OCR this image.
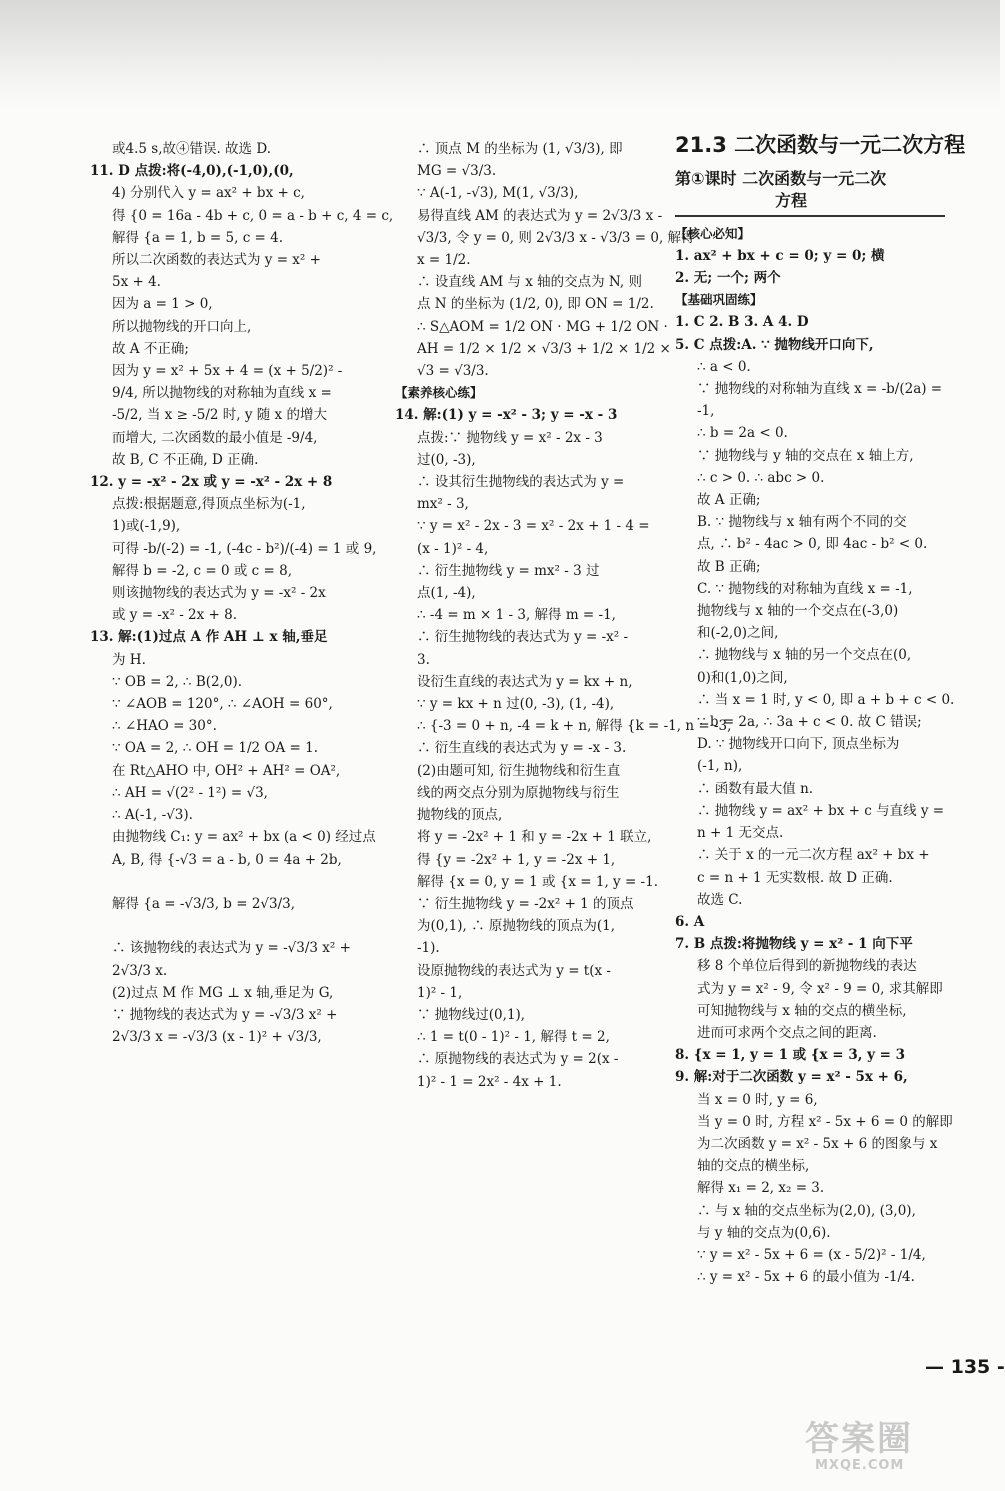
或4.5 s,故④错误. 故选 D.
11. D 点拨:将(-4,0),(-1,0),(0,
4) 分别代入 y = ax² + bx + c,
得 {0 = 16a - 4b + c, 0 = a - b + c, 4 = c,
解得 {a = 1, b = 5, c = 4.
所以二次函数的表达式为 y = x² +
5x + 4.
因为 a = 1 > 0,
所以抛物线的开口向上,
故 A 不正确;
因为 y = x² + 5x + 4 = (x + 5/2)² -
9/4, 所以抛物线的对称轴为直线 x =
-5/2, 当 x ≥ -5/2 时, y 随 x 的增大
而增大, 二次函数的最小值是 -9/4,
故 B, C 不正确, D 正确.
12. y = -x² - 2x 或 y = -x² - 2x + 8
点拨:根据题意,得顶点坐标为(-1,
1)或(-1,9),
可得 -b/(-2) = -1, (-4c - b²)/(-4) = 1 或 9,
解得 b = -2, c = 0 或 c = 8,
则该抛物线的表达式为 y = -x² - 2x
或 y = -x² - 2x + 8.
13. 解:(1)过点 A 作 AH ⊥ x 轴,垂足
为 H.
∵ OB = 2, ∴ B(2,0).
∵ ∠AOB = 120°, ∴ ∠AOH = 60°,
∴ ∠HAO = 30°.
∵ OA = 2, ∴ OH = 1/2 OA = 1.
在 Rt△AHO 中, OH² + AH² = OA²,
∴ AH = √(2² - 1²) = √3,
∴ A(-1, -√3).
由抛物线 C₁: y = ax² + bx (a < 0) 经过点
A, B, 得 {-√3 = a - b, 0 = 4a + 2b,

解得 {a = -√3/3, b = 2√3/3,

∴ 该抛物线的表达式为 y = -√3/3 x² +
2√3/3 x.
(2)过点 M 作 MG ⊥ x 轴,垂足为 G,
∵ 抛物线的表达式为 y = -√3/3 x² +
2√3/3 x = -√3/3 (x - 1)² + √3/3,
∴ 顶点 M 的坐标为 (1, √3/3), 即
MG = √3/3.
∵ A(-1, -√3), M(1, √3/3),
易得直线 AM 的表达式为 y = 2√3/3 x -
√3/3, 令 y = 0, 则 2√3/3 x - √3/3 = 0, 解得
x = 1/2.
∴ 设直线 AM 与 x 轴的交点为 N, 则
点 N 的坐标为 (1/2, 0), 即 ON = 1/2.
∴ S△AOM = 1/2 ON · MG + 1/2 ON ·
AH = 1/2 × 1/2 × √3/3 + 1/2 × 1/2 ×
√3 = √3/3.
【素养核心练】
14. 解:(1) y = -x² - 3; y = -x - 3
点拨:∵ 抛物线 y = x² - 2x - 3
过(0, -3),
∴ 设其衍生抛物线的表达式为 y =
mx² - 3,
∵ y = x² - 2x - 3 = x² - 2x + 1 - 4 =
(x - 1)² - 4,
∴ 衍生抛物线 y = mx² - 3 过
点(1, -4),
∴ -4 = m × 1 - 3, 解得 m = -1,
∴ 衍生抛物线的表达式为 y = -x² -
3.
设衍生直线的表达式为 y = kx + n,
∵ y = kx + n 过(0, -3), (1, -4),
∴ {-3 = 0 + n, -4 = k + n, 解得 {k = -1, n = -3,
∴ 衍生直线的表达式为 y = -x - 3.
(2)由题可知, 衍生抛物线和衍生直
线的两交点分别为原抛物线与衍生
抛物线的顶点,
将 y = -2x² + 1 和 y = -2x + 1 联立,
得 {y = -2x² + 1, y = -2x + 1,
解得 {x = 0, y = 1 或 {x = 1, y = -1.
∵ 衍生抛物线 y = -2x² + 1 的顶点
为(0,1), ∴ 原抛物线的顶点为(1,
-1).
设原抛物线的表达式为 y = t(x -
1)² - 1,
∵ 抛物线过(0,1),
∴ 1 = t(0 - 1)² - 1, 解得 t = 2,
∴ 原抛物线的表达式为 y = 2(x -
1)² - 1 = 2x² - 4x + 1.
21.3 二次函数与一元二次方程
第①课时 二次函数与一元二次
方程
【核心必知】
1. ax² + bx + c = 0; y = 0; 横
2. 无; 一个; 两个
【基础巩固练】
1. C 2. B 3. A 4. D
5. C 点拨:A. ∵ 抛物线开口向下,
∴ a < 0.
∵ 抛物线的对称轴为直线 x = -b/(2a) =
-1,
∴ b = 2a < 0.
∵ 抛物线与 y 轴的交点在 x 轴上方,
∴ c > 0. ∴ abc > 0.
故 A 正确;
B. ∵ 抛物线与 x 轴有两个不同的交
点, ∴ b² - 4ac > 0, 即 4ac - b² < 0.
故 B 正确;
C. ∵ 抛物线的对称轴为直线 x = -1,
抛物线与 x 轴的一个交点在(-3,0)
和(-2,0)之间,
∴ 抛物线与 x 轴的另一个交点在(0,
0)和(1,0)之间,
∴ 当 x = 1 时, y < 0, 即 a + b + c < 0.
∵ b = 2a, ∴ 3a + c < 0. 故 C 错误;
D. ∵ 抛物线开口向下, 顶点坐标为
(-1, n),
∴ 函数有最大值 n.
∴ 抛物线 y = ax² + bx + c 与直线 y =
n + 1 无交点.
∴ 关于 x 的一元二次方程 ax² + bx +
c = n + 1 无实数根. 故 D 正确.
故选 C.
6. A
7. B 点拨:将抛物线 y = x² - 1 向下平
移 8 个单位后得到的新抛物线的表达
式为 y = x² - 9, 令 x² - 9 = 0, 求其解即
可知抛物线与 x 轴的交点的横坐标,
进而可求两个交点之间的距离.
8. {x = 1, y = 1 或 {x = 3, y = 3
9. 解:对于二次函数 y = x² - 5x + 6,
当 x = 0 时, y = 6,
当 y = 0 时, 方程 x² - 5x + 6 = 0 的解即
为二次函数 y = x² - 5x + 6 的图象与 x
轴的交点的横坐标,
解得 x₁ = 2, x₂ = 3.
∴ 与 x 轴的交点坐标为(2,0), (3,0),
与 y 轴的交点为(0,6).
∵ y = x² - 5x + 6 = (x - 5/2)² - 1/4,
∴ y = x² - 5x + 6 的最小值为 -1/4.
— 135 -
答案圈
MXQE.COM
